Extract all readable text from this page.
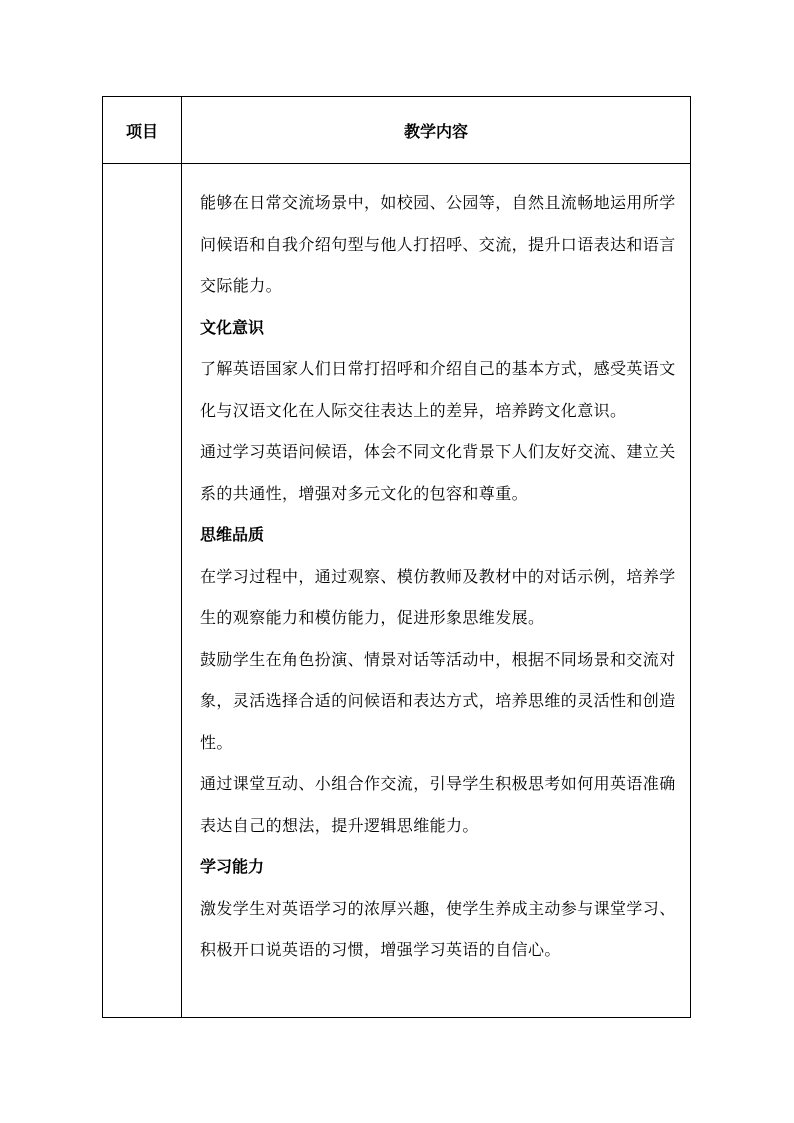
项目	教学内容

能够在日常交流场景中，如校园、公园等，自然且流畅地运用所学问候语和自我介绍句型与他人打招呼、交流，提升口语表达和语言交际能力。

文化意识

了解英语国家人们日常打招呼和介绍自己的基本方式，感受英语文化与汉语文化在人际交往表达上的差异，培养跨文化意识。

通过学习英语问候语，体会不同文化背景下人们友好交流、建立关系的共通性，增强对多元文化的包容和尊重。

思维品质

在学习过程中，通过观察、模仿教师及教材中的对话示例，培养学生的观察能力和模仿能力，促进形象思维发展。

鼓励学生在角色扮演、情景对话等活动中，根据不同场景和交流对象，灵活选择合适的问候语和表达方式，培养思维的灵活性和创造性。

通过课堂互动、小组合作交流，引导学生积极思考如何用英语准确表达自己的想法，提升逻辑思维能力。

学习能力

激发学生对英语学习的浓厚兴趣，使学生养成主动参与课堂学习、积极开口说英语的习惯，增强学习英语的自信心。
